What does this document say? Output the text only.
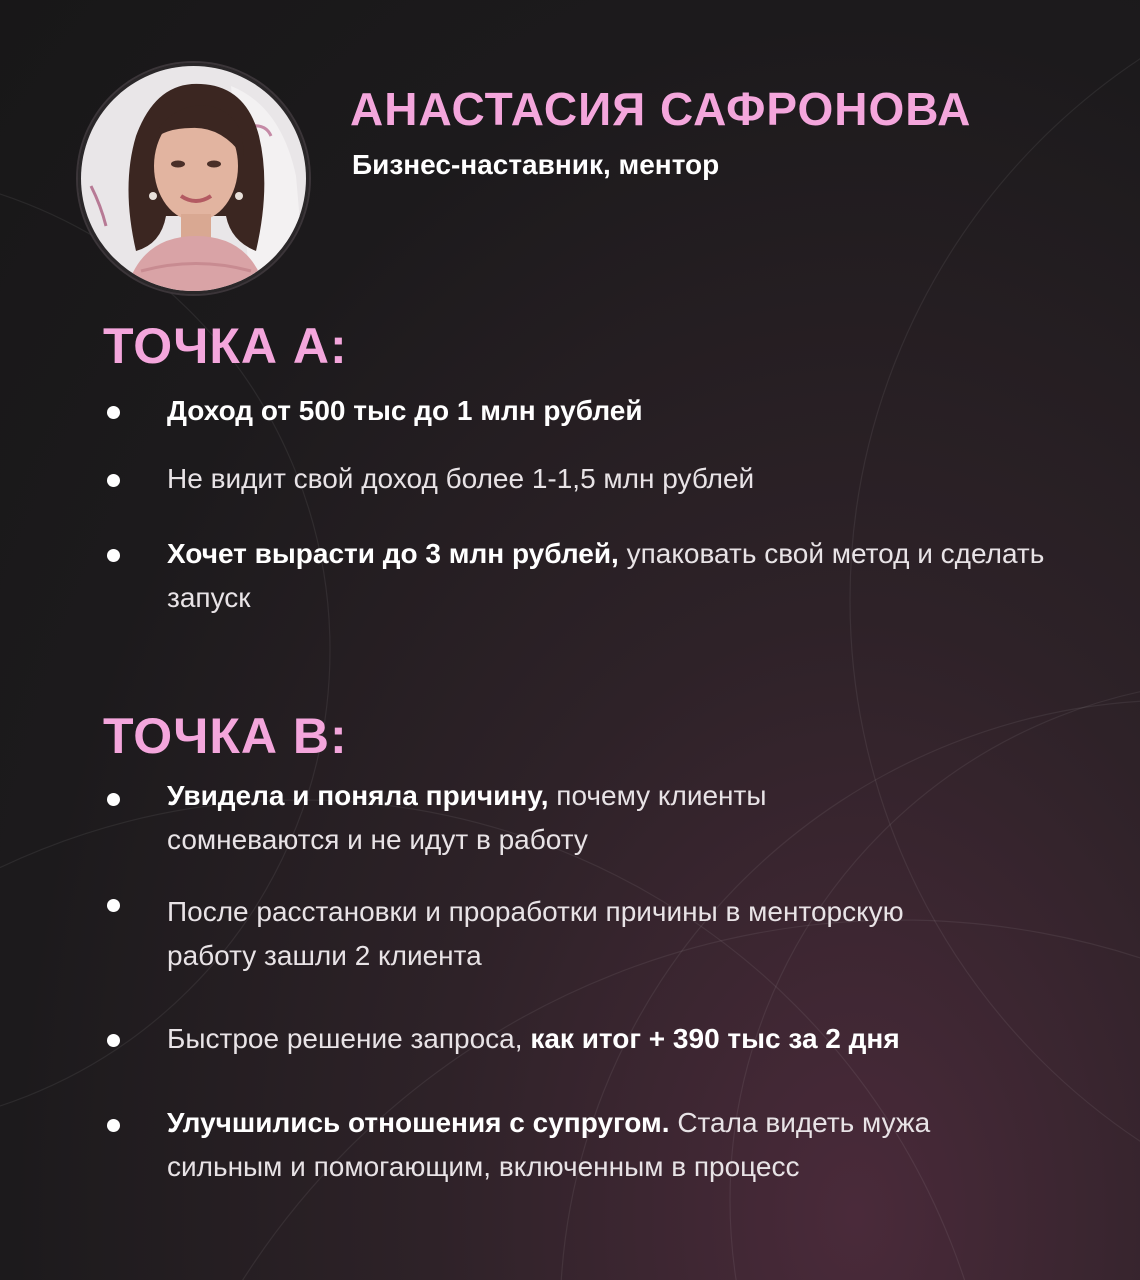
АНАСТАСИЯ САФРОНОВА

Бизнес-наставник, ментор

ТОЧКА А:

Доход от 500 тыс до 1 млн рублей

Не видит свой доход более 1-1,5 млн рублей

Хочет вырасти до 3 млн рублей, упаковать свой метод и сделать запуск

ТОЧКА В:

Увидела и поняла причину, почему клиенты сомневаются и не идут в работу

После расстановки и проработки причины в менторскую работу зашли 2 клиента

Быстрое решение запроса, как итог + 390 тыс за 2 дня

Улучшились отношения с супругом. Стала видеть мужа сильным и помогающим, включенным в процесс
